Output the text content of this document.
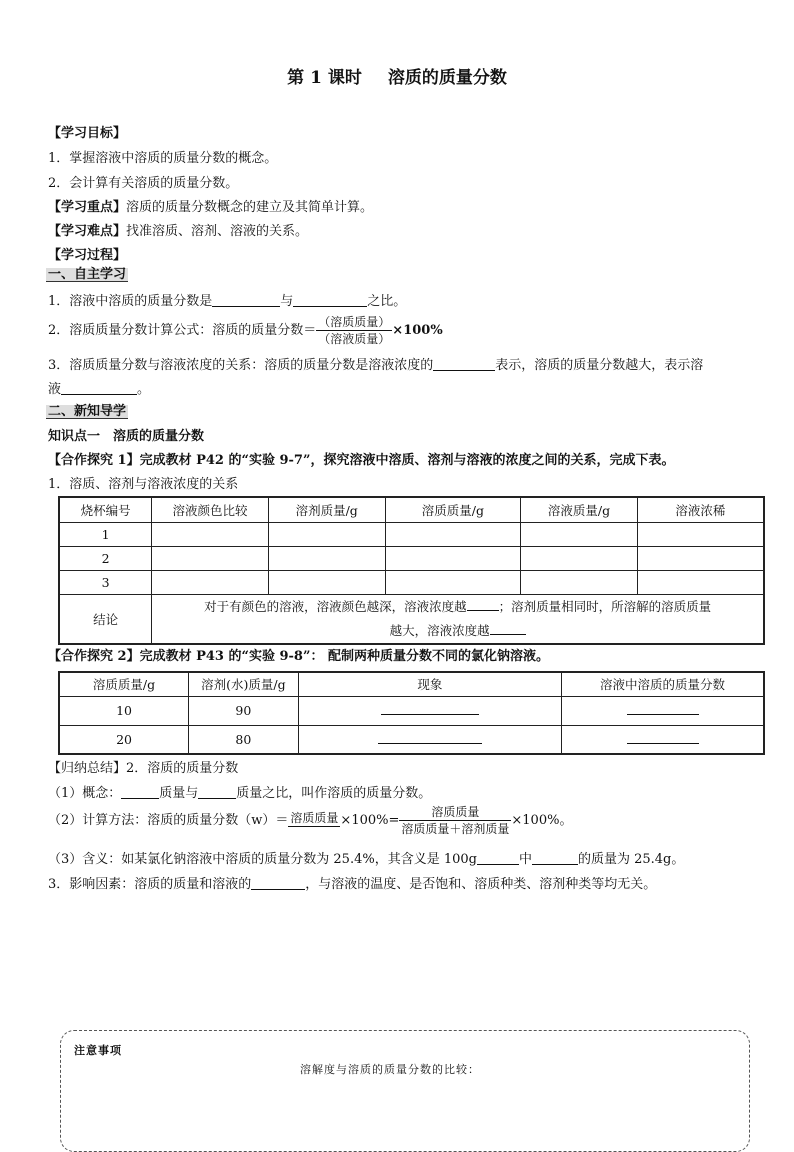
第 1 课时 溶质的质量分数
【学习目标】
1．掌握溶液中溶质的质量分数的概念。
2．会计算有关溶质的质量分数。
【学习重点】溶质的质量分数概念的建立及其简单计算。
【学习难点】找准溶质、溶剂、溶液的关系。
【学习过程】
一、自主学习
1．溶液中溶质的质量分数是	与	之比。
2．溶质质量分数计算公式：溶质的质量分数＝ $\frac{\text{（溶质质量）}}{\text{（溶液质量）}} \times 100\%$
3．溶质质量分数与溶液浓度的关系：溶质的质量分数是溶液浓度的	表示，溶质的质量分数越大，表示溶
液	。
二、新知导学
知识点一　溶质的质量分数
【合作探究 1】完成教材 P42 的“实验 9-7”，探究溶液中溶质、溶剂与溶液的浓度之间的关系，完成下表。
1．溶质、溶剂与溶液浓度的关系
烧杯编号	溶液颜色比较	溶剂质量/g	溶质质量/g	溶液质量/g	溶液浓稀
1					
2					
3					
结论	对于有颜色的溶液，溶液颜色越深，溶液浓度越 ；溶剂质量相同时，所溶解的溶质质量
越大，溶液浓度越				
【合作探究 2】完成教材 P43 的“实验 9-8”： 配制两种质量分数不同的氯化钠溶液。
溶质质量/g	溶剂(水)质量/g	现象	溶液中溶质的质量分数
10	90		
20	80		
【归纳总结】2．溶质的质量分数
（1）概念：	质量与	质量之比，叫作溶质的质量分数。
（2）计算方法：溶质的质量分数（w）＝ 溶质质量 $\times 100\%= \frac{\text{溶质质量}}{\text{溶质质量＋溶剂质量}} \times 100\%$。
（3）含义：如某氯化钠溶液中溶质的质量分数为 25.4%，其含义是 100g	中	的质量为 25.4g。
3．影响因素：溶质的质量和溶液的	，与溶液的温度、是否饱和、溶质种类、溶剂种类等均无关。
注意事项
溶解度与溶质的质量分数的比较：
